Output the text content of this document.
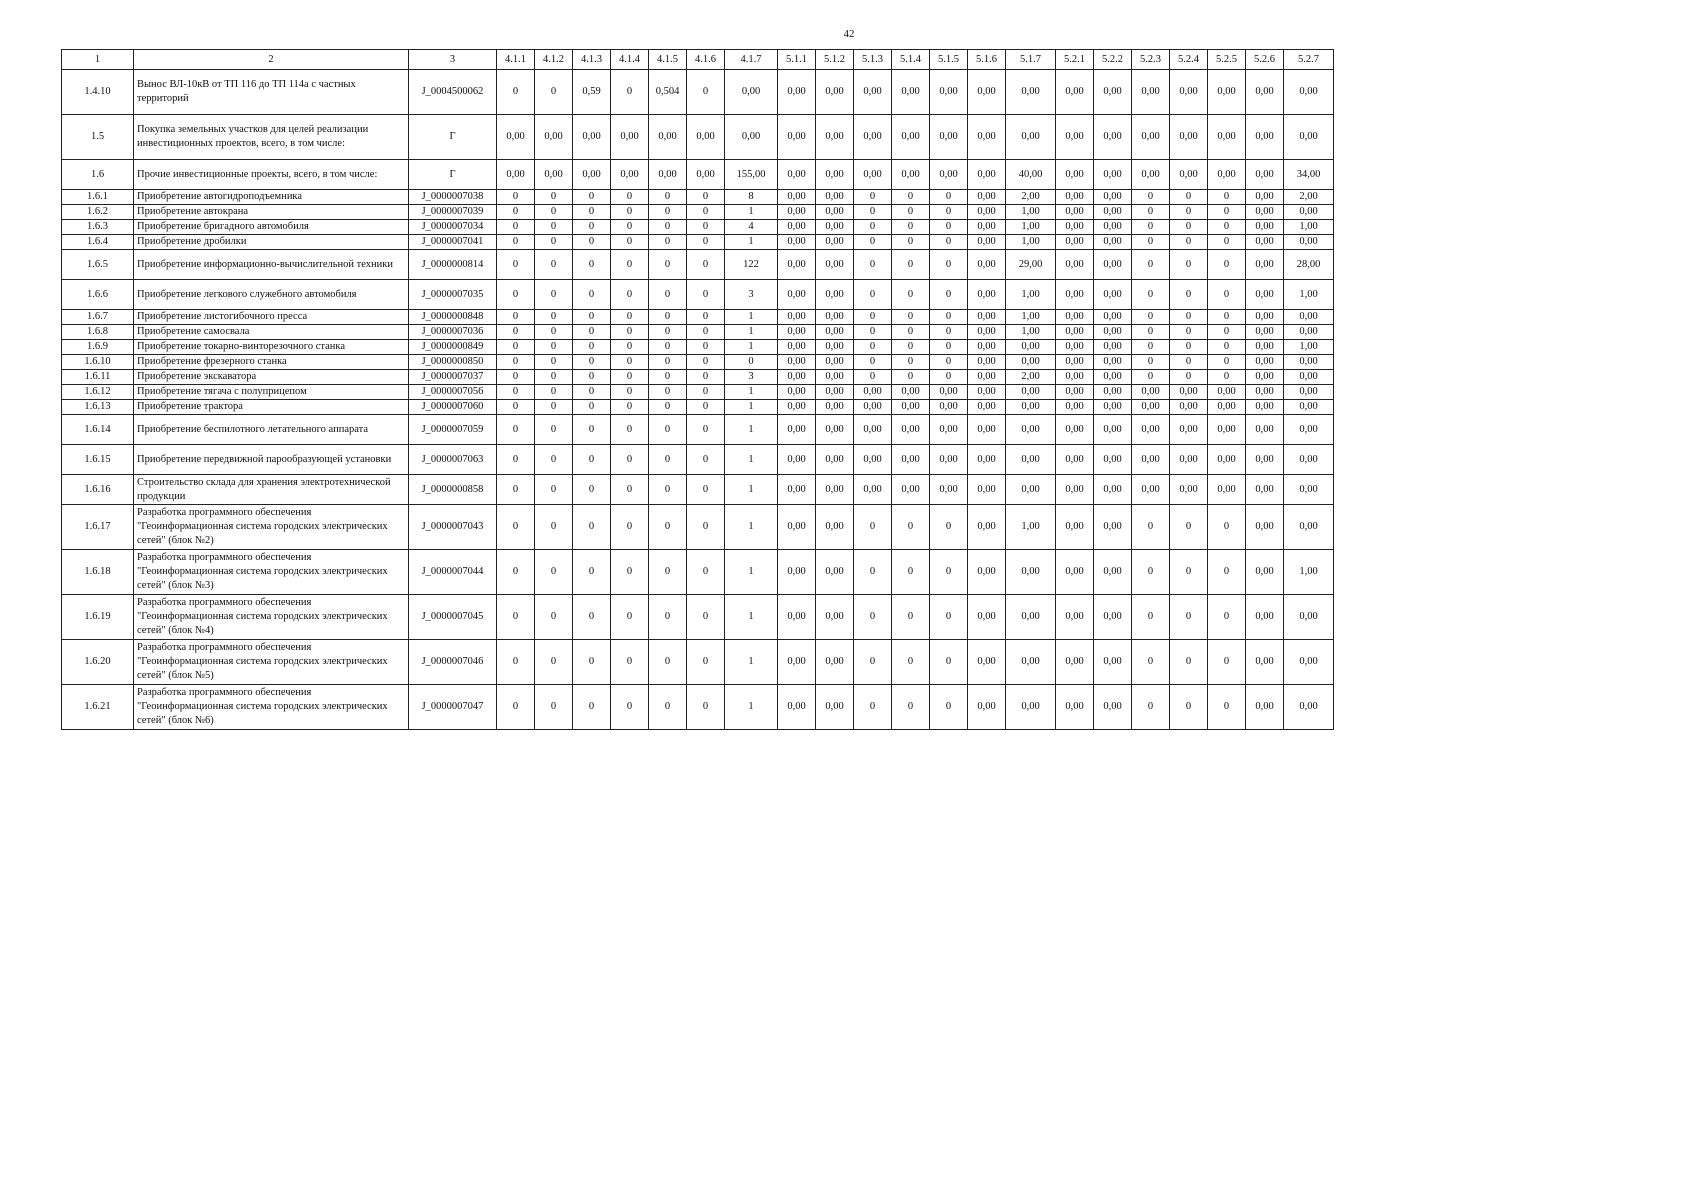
42
1	2	3	4.1.1	4.1.2	4.1.3	4.1.4	4.1.5	4.1.6	4.1.7	5.1.1	5.1.2	5.1.3	5.1.4	5.1.5	5.1.6	5.1.7	5.2.1	5.2.2	5.2.3	5.2.4	5.2.5	5.2.6	5.2.7
1.4.10	Вынос ВЛ-10кВ от ТП 116 до ТП 114а с частных территорий	J_0004500062	0	0	0,59	0	0,504	0	0,00	0,00	0,00	0,00	0,00	0,00	0,00	0,00	0,00	0,00	0,00	0,00	0,00	0,00	0,00
1.5	Покупка земельных участков для целей реализации инвестиционных проектов, всего, в том числе:	Г	0,00	0,00	0,00	0,00	0,00	0,00	0,00	0,00	0,00	0,00	0,00	0,00	0,00	0,00	0,00	0,00	0,00	0,00	0,00	0,00	0,00
1.6	Прочие инвестиционные проекты, всего, в том числе:	Г	0,00	0,00	0,00	0,00	0,00	0,00	155,00	0,00	0,00	0,00	0,00	0,00	0,00	40,00	0,00	0,00	0,00	0,00	0,00	0,00	34,00
1.6.1	Приобретение автогидроподъемника	J_0000007038	0	0	0	0	0	0	8	0,00	0,00	0	0	0	0,00	2,00	0,00	0,00	0	0	0	0,00	2,00
1.6.2	Приобретение автокрана	J_0000007039	0	0	0	0	0	0	1	0,00	0,00	0	0	0	0,00	1,00	0,00	0,00	0	0	0	0,00	0,00
1.6.3	Приобретение бригадного автомобиля	J_0000007034	0	0	0	0	0	0	4	0,00	0,00	0	0	0	0,00	1,00	0,00	0,00	0	0	0	0,00	1,00
1.6.4	Приобретение дробилки	J_0000007041	0	0	0	0	0	0	1	0,00	0,00	0	0	0	0,00	1,00	0,00	0,00	0	0	0	0,00	0,00
1.6.5	Приобретение информационно-вычислительной техники	J_0000000814	0	0	0	0	0	0	122	0,00	0,00	0	0	0	0,00	29,00	0,00	0,00	0	0	0	0,00	28,00
1.6.6	Приобретение легкового служебного автомобиля	J_0000007035	0	0	0	0	0	0	3	0,00	0,00	0	0	0	0,00	1,00	0,00	0,00	0	0	0	0,00	1,00
1.6.7	Приобретение листогибочного пресса	J_0000000848	0	0	0	0	0	0	1	0,00	0,00	0	0	0	0,00	1,00	0,00	0,00	0	0	0	0,00	0,00
1.6.8	Приобретение самосвала	J_0000007036	0	0	0	0	0	0	1	0,00	0,00	0	0	0	0,00	1,00	0,00	0,00	0	0	0	0,00	0,00
1.6.9	Приобретение токарно-винторезочного станка	J_0000000849	0	0	0	0	0	0	1	0,00	0,00	0	0	0	0,00	0,00	0,00	0,00	0	0	0	0,00	1,00
1.6.10	Приобретение фрезерного станка	J_0000000850	0	0	0	0	0	0	0	0,00	0,00	0	0	0	0,00	0,00	0,00	0,00	0	0	0	0,00	0,00
1.6.11	Приобретение экскаватора	J_0000007037	0	0	0	0	0	0	3	0,00	0,00	0	0	0	0,00	2,00	0,00	0,00	0	0	0	0,00	0,00
1.6.12	Приобретение тягача с полуприцепом	J_0000007056	0	0	0	0	0	0	1	0,00	0,00	0,00	0,00	0,00	0,00	0,00	0,00	0,00	0,00	0,00	0,00	0,00	0,00
1.6.13	Приобретение трактора	J_0000007060	0	0	0	0	0	0	1	0,00	0,00	0,00	0,00	0,00	0,00	0,00	0,00	0,00	0,00	0,00	0,00	0,00	0,00
1.6.14	Приобретение беспилотного летательного аппарата	J_0000007059	0	0	0	0	0	0	1	0,00	0,00	0,00	0,00	0,00	0,00	0,00	0,00	0,00	0,00	0,00	0,00	0,00	0,00
1.6.15	Приобретение передвижной парообразующей установки	J_0000007063	0	0	0	0	0	0	1	0,00	0,00	0,00	0,00	0,00	0,00	0,00	0,00	0,00	0,00	0,00	0,00	0,00	0,00
1.6.16	Строительство склада для хранения электротехнической продукции	J_0000000858	0	0	0	0	0	0	1	0,00	0,00	0,00	0,00	0,00	0,00	0,00	0,00	0,00	0,00	0,00	0,00	0,00	0,00
1.6.17	Разработка программного обеспечения "Геоинформационная система городских электрических сетей" (блок №2)	J_0000007043	0	0	0	0	0	0	1	0,00	0,00	0	0	0	0,00	1,00	0,00	0,00	0	0	0	0,00	0,00
1.6.18	Разработка программного обеспечения "Геоинформационная система городских электрических сетей" (блок №3)	J_0000007044	0	0	0	0	0	0	1	0,00	0,00	0	0	0	0,00	0,00	0,00	0,00	0	0	0	0,00	1,00
1.6.19	Разработка программного обеспечения "Геоинформационная система городских электрических сетей" (блок №4)	J_0000007045	0	0	0	0	0	0	1	0,00	0,00	0	0	0	0,00	0,00	0,00	0,00	0	0	0	0,00	0,00
1.6.20	Разработка программного обеспечения "Геоинформационная система городских электрических сетей" (блок №5)	J_0000007046	0	0	0	0	0	0	1	0,00	0,00	0	0	0	0,00	0,00	0,00	0,00	0	0	0	0,00	0,00
1.6.21	Разработка программного обеспечения "Геоинформационная система городских электрических сетей" (блок №6)	J_0000007047	0	0	0	0	0	0	1	0,00	0,00	0	0	0	0,00	0,00	0,00	0,00	0	0	0	0,00	0,00
